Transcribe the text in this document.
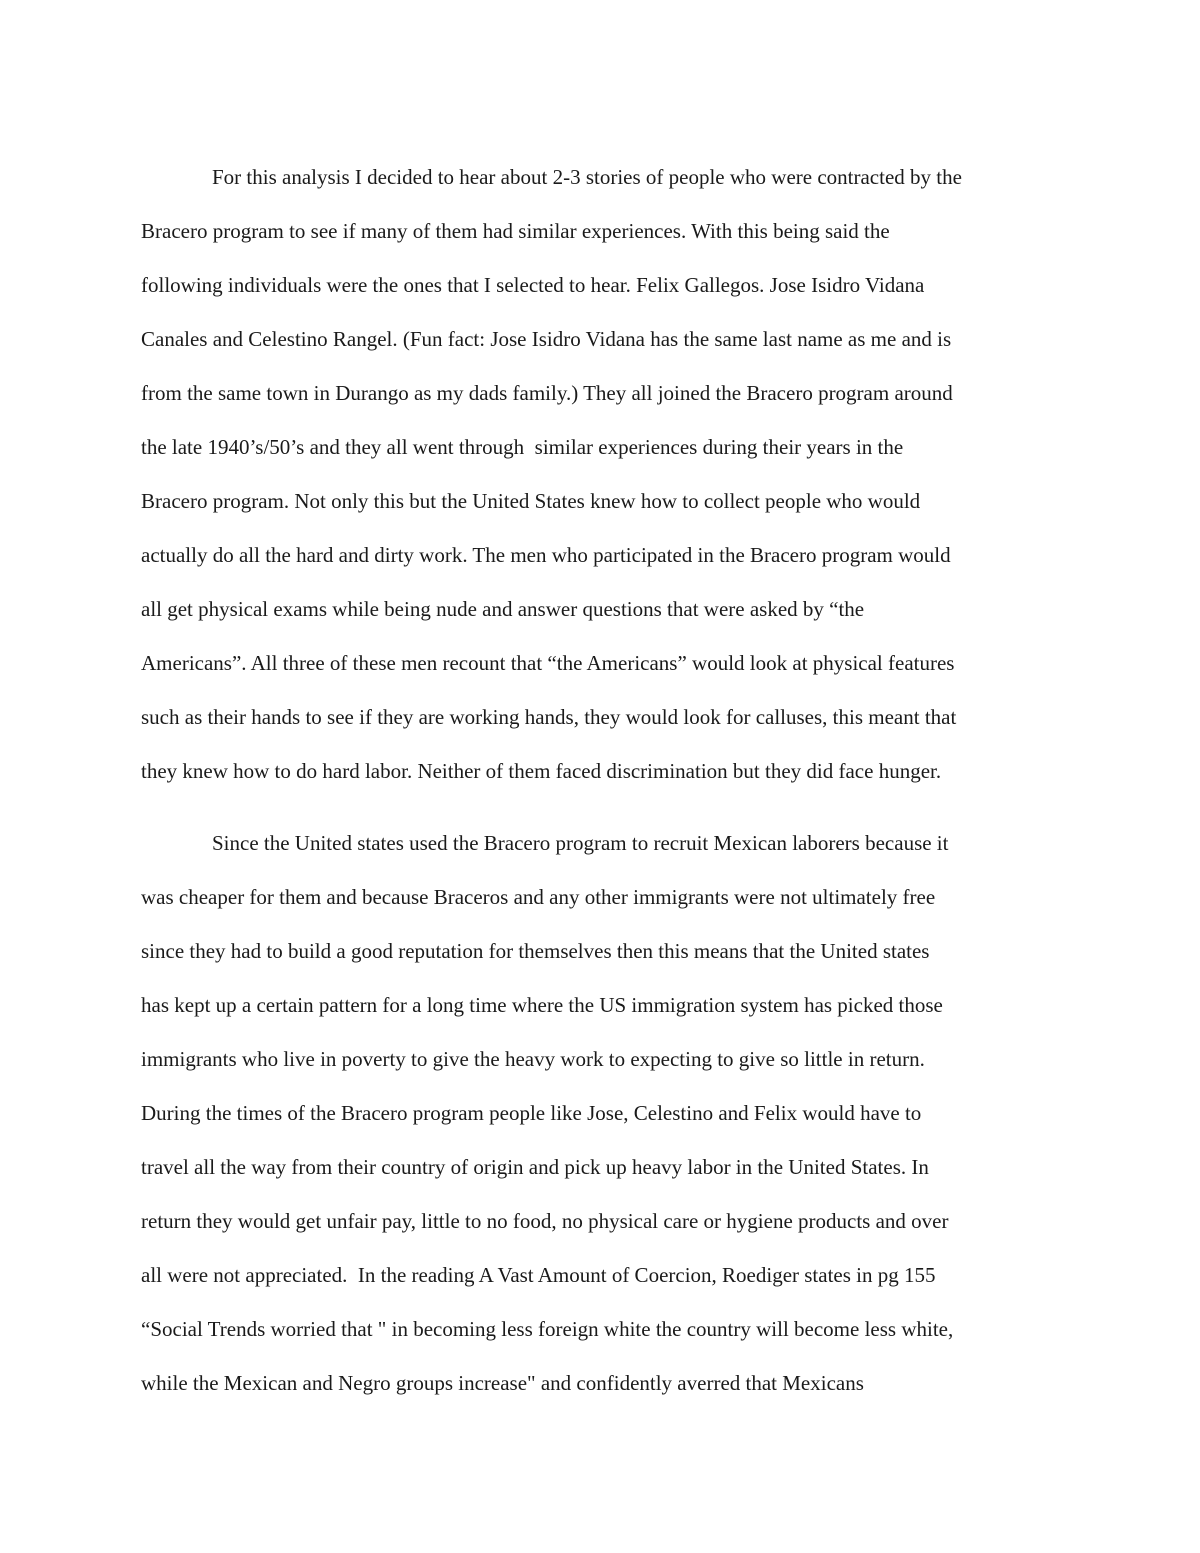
For this analysis I decided to hear about 2-3 stories of people who were contracted by the
Bracero program to see if many of them had similar experiences. With this being said the
following individuals were the ones that I selected to hear. Felix Gallegos. Jose Isidro Vidana
Canales and Celestino Rangel. (Fun fact: Jose Isidro Vidana has the same last name as me and is
from the same town in Durango as my dads family.) They all joined the Bracero program around
the late 1940’s/50’s and they all went through  similar experiences during their years in the
Bracero program. Not only this but the United States knew how to collect people who would
actually do all the hard and dirty work. The men who participated in the Bracero program would
all get physical exams while being nude and answer questions that were asked by “the
Americans”. All three of these men recount that “the Americans” would look at physical features
such as their hands to see if they are working hands, they would look for calluses, this meant that
they knew how to do hard labor. Neither of them faced discrimination but they did face hunger.
Since the United states used the Bracero program to recruit Mexican laborers because it
was cheaper for them and because Braceros and any other immigrants were not ultimately free
since they had to build a good reputation for themselves then this means that the United states
has kept up a certain pattern for a long time where the US immigration system has picked those
immigrants who live in poverty to give the heavy work to expecting to give so little in return.
During the times of the Bracero program people like Jose, Celestino and Felix would have to
travel all the way from their country of origin and pick up heavy labor in the United States. In
return they would get unfair pay, little to no food, no physical care or hygiene products and over
all were not appreciated.  In the reading A Vast Amount of Coercion, Roediger states in pg 155
“Social Trends worried that " in becoming less foreign white the country will become less white,
while the Mexican and Negro groups increase" and confidently averred that Mexicans
